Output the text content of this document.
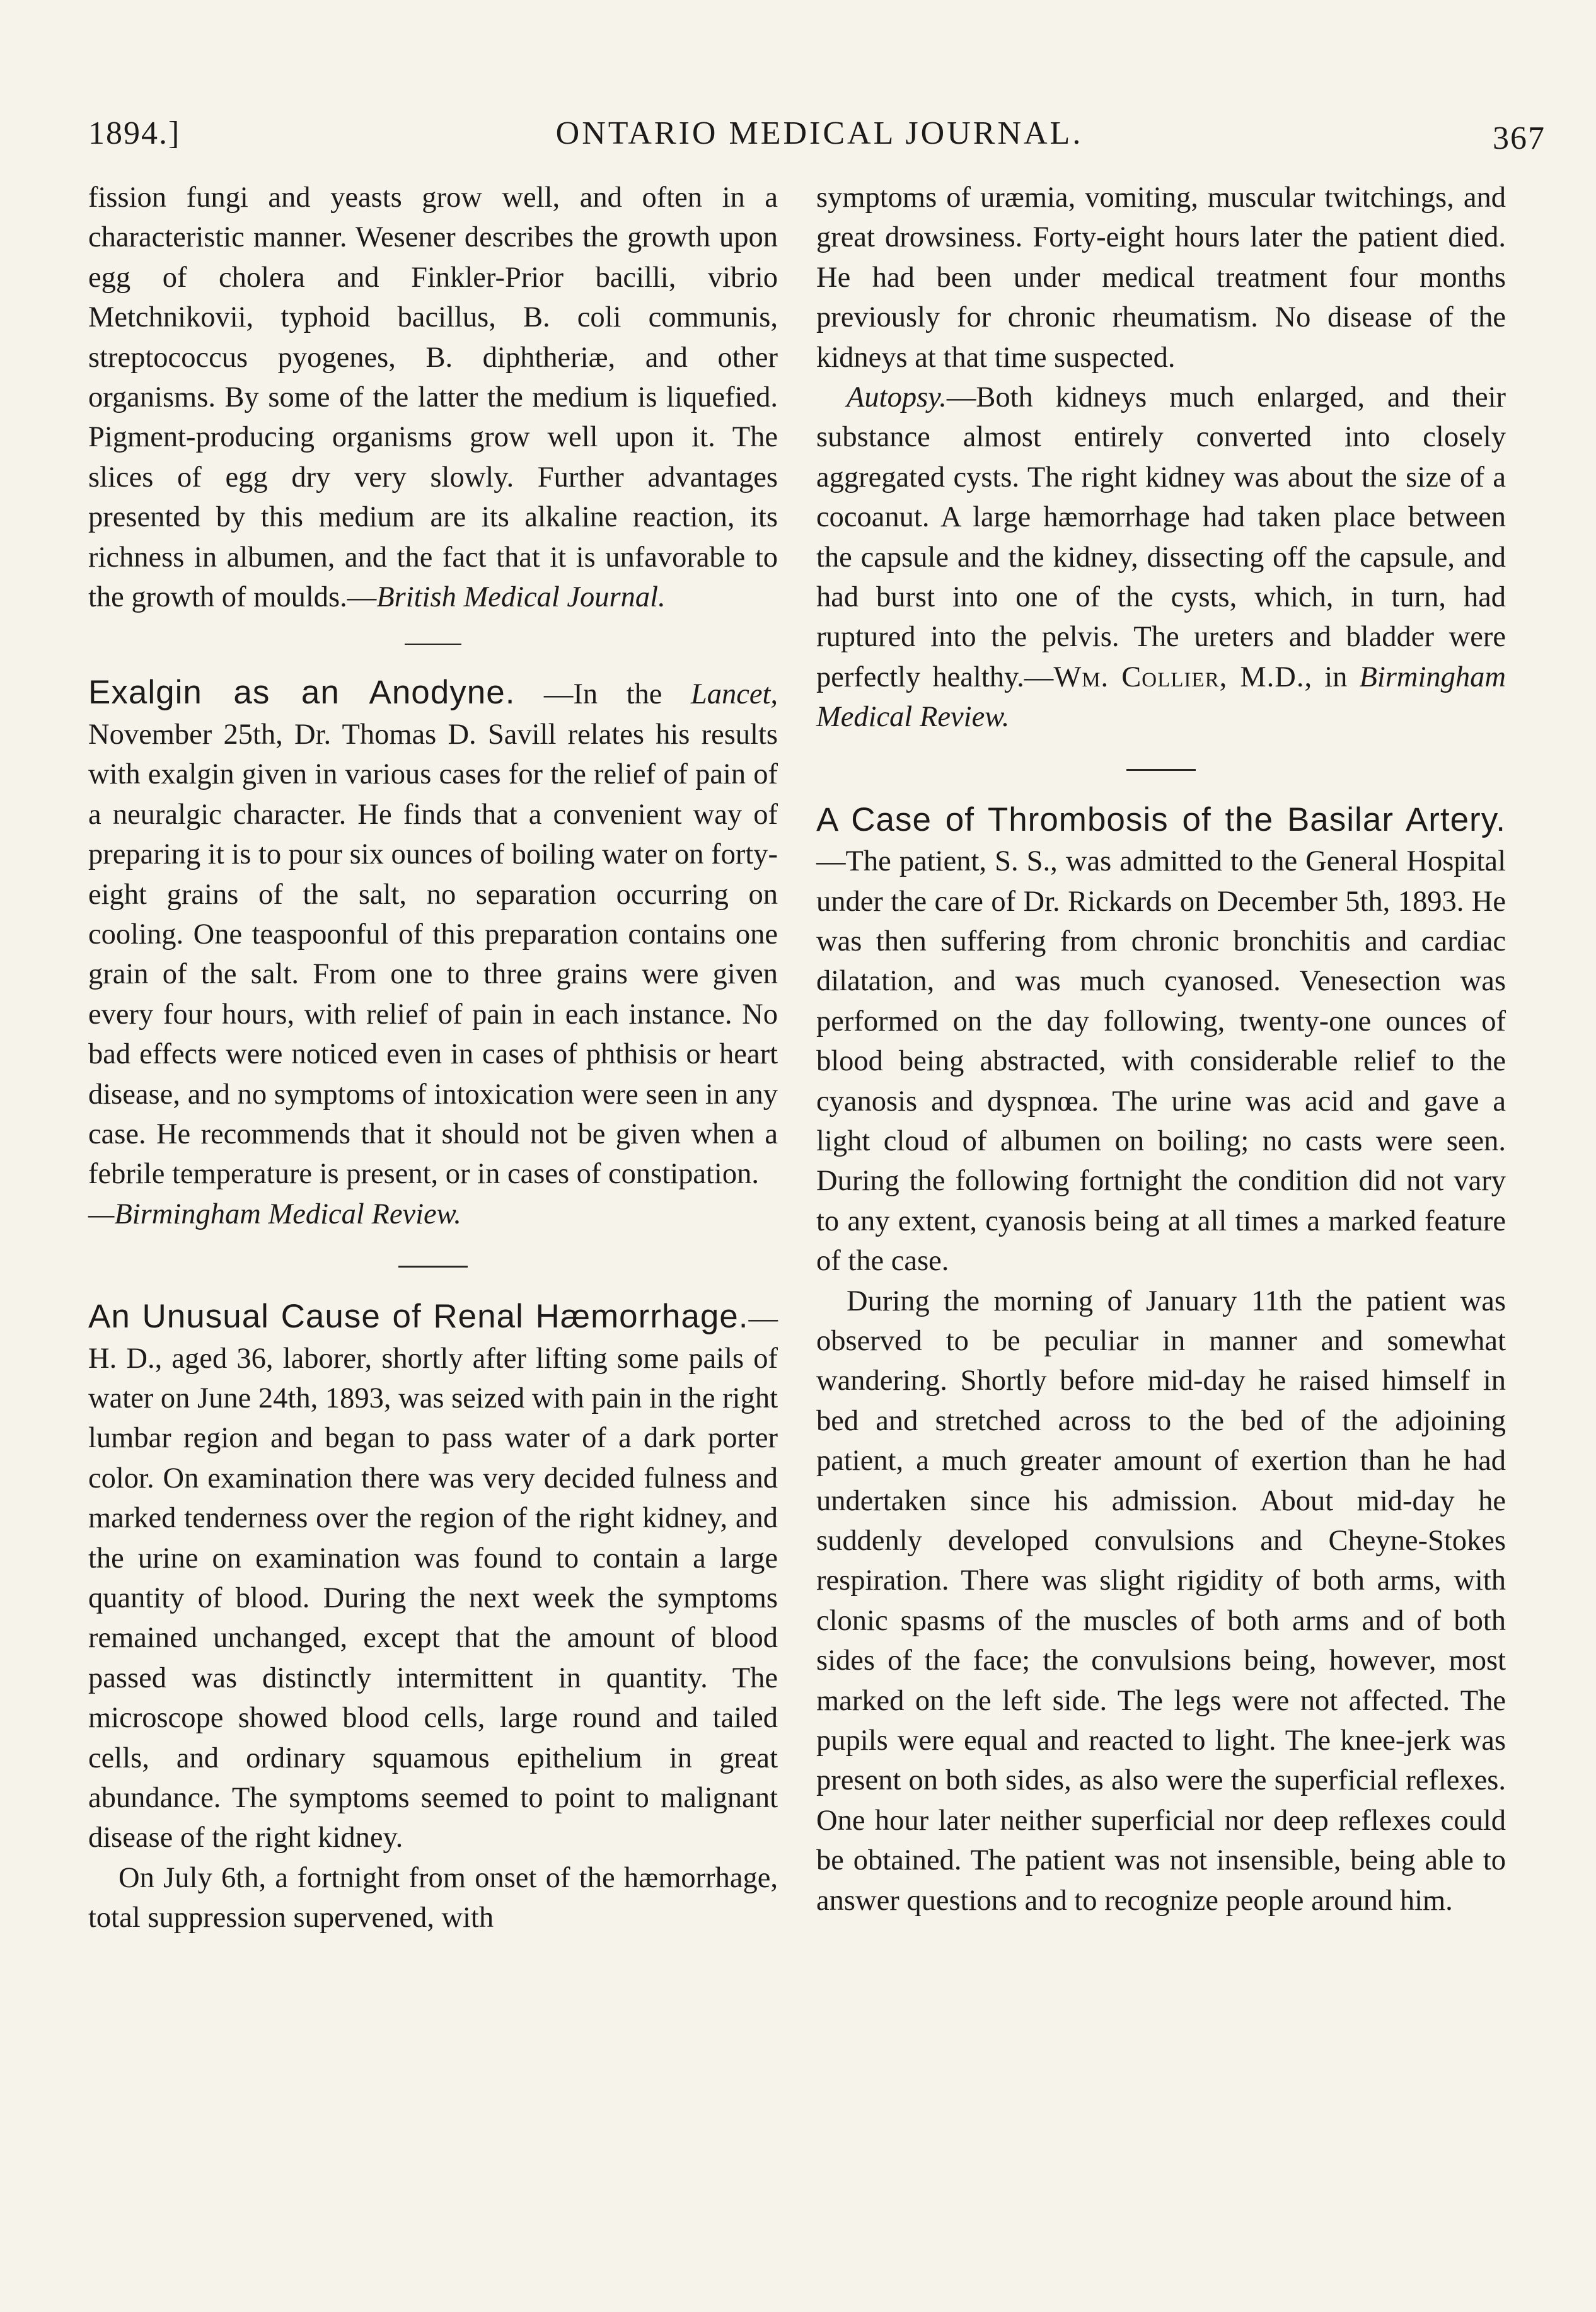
1894.]	ONTARIO MEDICAL JOURNAL.	367

fission fungi and yeasts grow well, and often in a characteristic manner. Wesener describes the growth upon egg of cholera and Finkler-Prior bacilli, vibrio Metchnikovii, typhoid bacillus, B. coli communis, streptococcus pyogenes, B. diphtheriæ, and other organisms. By some of the latter the medium is liquefied. Pigment-producing organisms grow well upon it. The slices of egg dry very slowly. Further advantages presented by this medium are its alkaline reaction, its richness in albumen, and the fact that it is unfavorable to the growth of moulds.—British Medical Journal.

Exalgin as an Anodyne. —In the Lancet, November 25th, Dr. Thomas D. Savill relates his results with exalgin given in various cases for the relief of pain of a neuralgic character. He finds that a convenient way of preparing it is to pour six ounces of boiling water on forty-eight grains of the salt, no separation occurring on cooling. One teaspoonful of this preparation contains one grain of the salt. From one to three grains were given every four hours, with relief of pain in each instance. No bad effects were noticed even in cases of phthisis or heart disease, and no symptoms of intoxication were seen in any case. He recommends that it should not be given when a febrile temperature is present, or in cases of constipation.

—Birmingham Medical Review.

An Unusual Cause of Renal Hæmorrhage.—H. D., aged 36, laborer, shortly after lifting some pails of water on June 24th, 1893, was seized with pain in the right lumbar region and began to pass water of a dark porter color. On examination there was very decided fulness and marked tenderness over the region of the right kidney, and the urine on examination was found to contain a large quantity of blood. During the next week the symptoms remained unchanged, except that the amount of blood passed was distinctly intermittent in quantity. The microscope showed blood cells, large round and tailed cells, and ordinary squamous epithelium in great abundance. The symptoms seemed to point to malignant disease of the right kidney.

On July 6th, a fortnight from onset of the hæmorrhage, total suppression supervened, with

symptoms of uræmia, vomiting, muscular twitchings, and great drowsiness. Forty-eight hours later the patient died. He had been under medical treatment four months previously for chronic rheumatism. No disease of the kidneys at that time suspected.

Autopsy.—Both kidneys much enlarged, and their substance almost entirely converted into closely aggregated cysts. The right kidney was about the size of a cocoanut. A large hæmorrhage had taken place between the capsule and the kidney, dissecting off the capsule, and had burst into one of the cysts, which, in turn, had ruptured into the pelvis. The ureters and bladder were perfectly healthy.—Wm. Collier, M.D., in Birmingham Medical Review.

A Case of Thrombosis of the Basilar Artery. —The patient, S. S., was admitted to the General Hospital under the care of Dr. Rickards on December 5th, 1893. He was then suffering from chronic bronchitis and cardiac dilatation, and was much cyanosed. Venesection was performed on the day following, twenty-one ounces of blood being abstracted, with considerable relief to the cyanosis and dyspnœa. The urine was acid and gave a light cloud of albumen on boiling; no casts were seen. During the following fortnight the condition did not vary to any extent, cyanosis being at all times a marked feature of the case.

During the morning of January 11th the patient was observed to be peculiar in manner and somewhat wandering. Shortly before mid-day he raised himself in bed and stretched across to the bed of the adjoining patient, a much greater amount of exertion than he had undertaken since his admission. About mid-day he suddenly developed convulsions and Cheyne-Stokes respiration. There was slight rigidity of both arms, with clonic spasms of the muscles of both arms and of both sides of the face; the convulsions being, however, most marked on the left side. The legs were not affected. The pupils were equal and reacted to light. The knee-jerk was present on both sides, as also were the superficial reflexes. One hour later neither superficial nor deep reflexes could be obtained. The patient was not insensible, being able to answer questions and to recognize people around him.
